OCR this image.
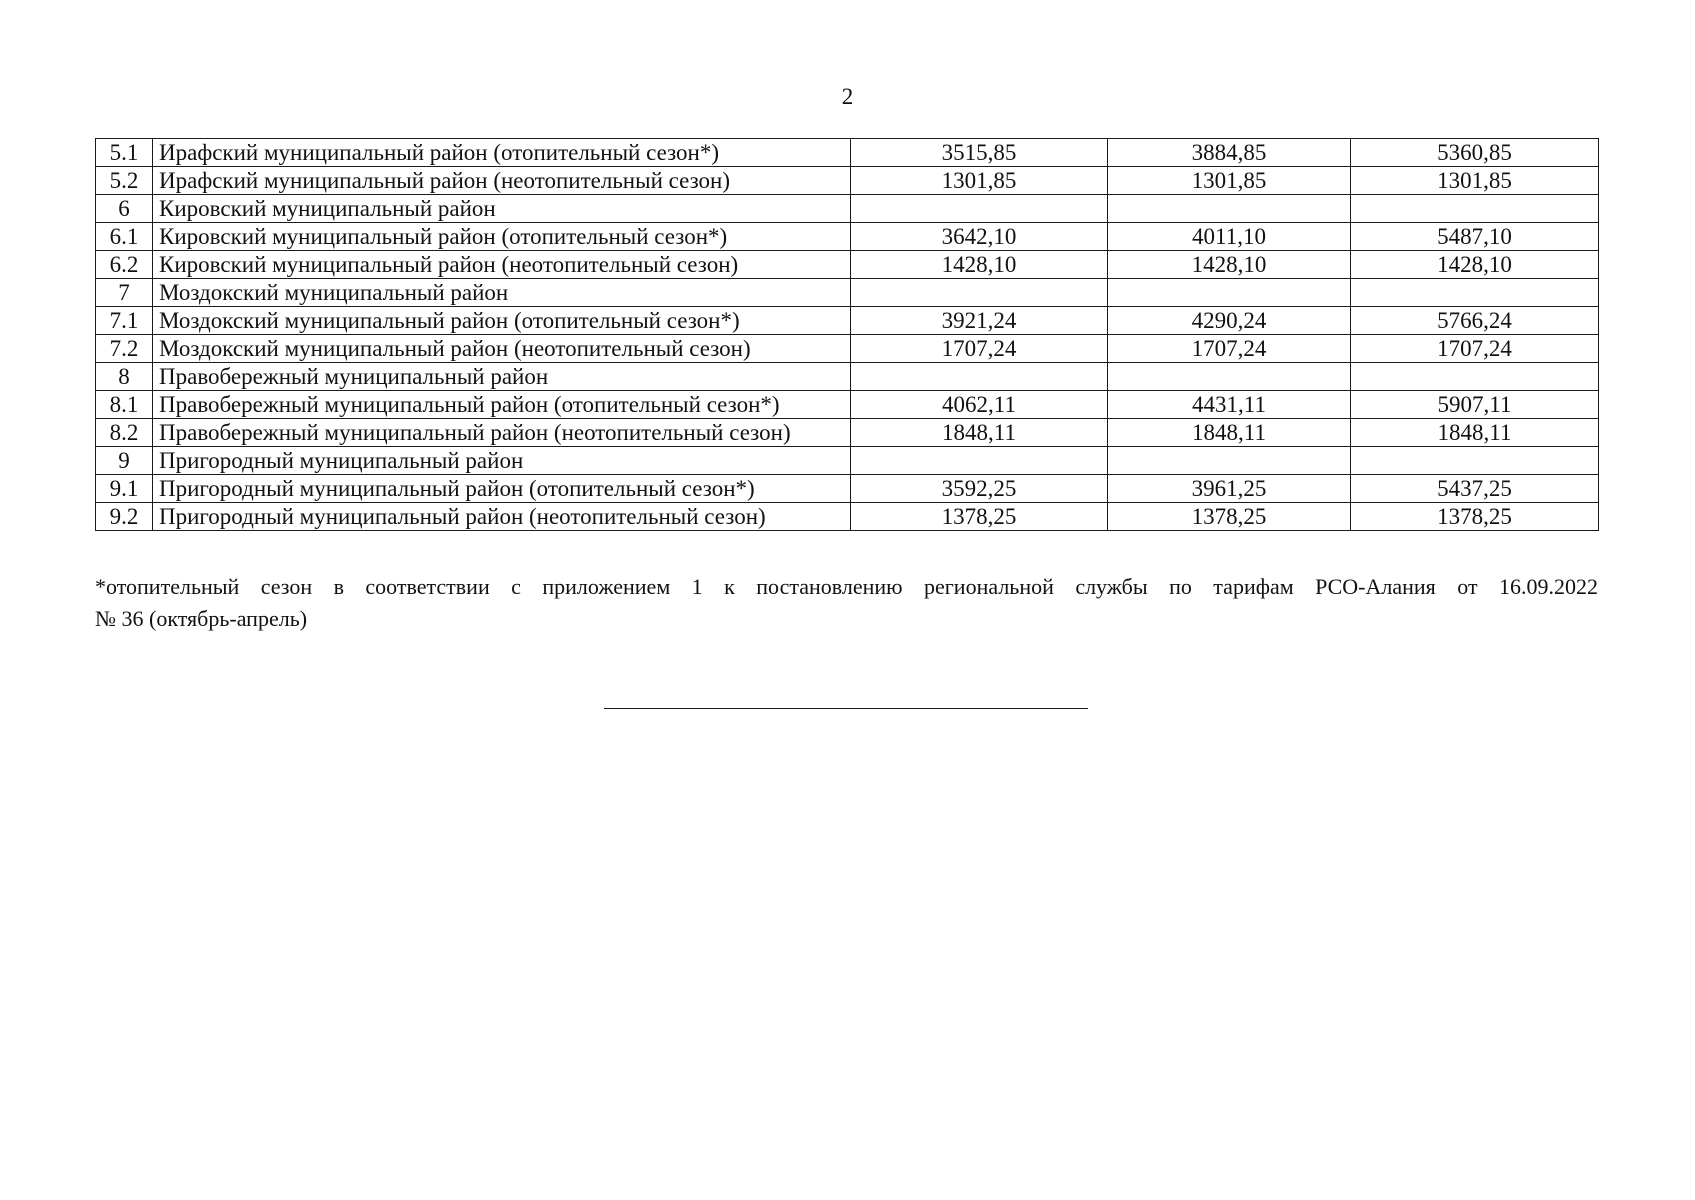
2
5.1	Ирафский муниципальный район (отопительный сезон*)	3515,85	3884,85	5360,85
5.2	Ирафский муниципальный район (неотопительный сезон)	1301,85	1301,85	1301,85
6	Кировский муниципальный район			
6.1	Кировский муниципальный район (отопительный сезон*)	3642,10	4011,10	5487,10
6.2	Кировский муниципальный район (неотопительный сезон)	1428,10	1428,10	1428,10
7	Моздокский муниципальный район			
7.1	Моздокский муниципальный район (отопительный сезон*)	3921,24	4290,24	5766,24
7.2	Моздокский муниципальный район (неотопительный сезон)	1707,24	1707,24	1707,24
8	Правобережный муниципальный район			
8.1	Правобережный муниципальный район (отопительный сезон*)	4062,11	4431,11	5907,11
8.2	Правобережный муниципальный район (неотопительный сезон)	1848,11	1848,11	1848,11
9	Пригородный муниципальный район			
9.1	Пригородный муниципальный район (отопительный сезон*)	3592,25	3961,25	5437,25
9.2	Пригородный муниципальный район (неотопительный сезон)	1378,25	1378,25	1378,25
*отопительный сезон в соответствии с приложением 1 к постановлению региональной службы по тарифам РСО-Алания от 16.09.2022
№ 36 (октябрь-апрель)
